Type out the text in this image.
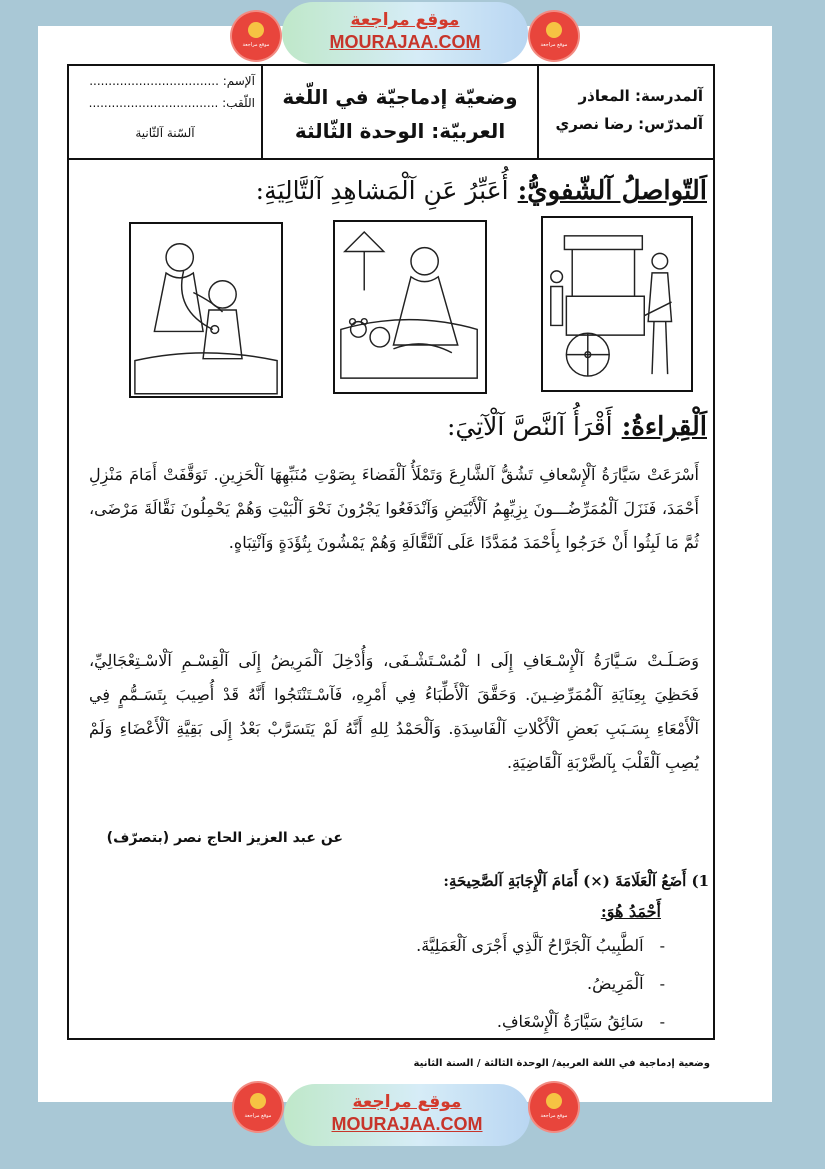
موقع مراجعة
MOURAJAA.COM
موقع مراجعة	موقع مراجعة
آلمدرسة: المعاذر
آلمدرّس: رضا نصري
وضعيّة إدماجيّة في اللّغة
العربيّة: الوحدة الثّالثة
آلإسم: ..................................
اللّقب: ..................................
آلسّنة آلثّانية
اَلتّواصلُ آلشّفويُّ: أُعَبِّرُ عَنِ آلْمَشاهِدِ آلتَّالِيَةِ:
اَلْقِراءةُ: أَقْرَأُ آلنَّصَّ آلْآتِيَ:

أَسْرَعَتْ سَيَّارَةُ آلْإِسْعافِ تَشُقُّ آلشَّارِعَ وَتَمْلَأُ آلْفَضاءَ بِصَوْتِ مُنَبِّهِهَا آلْحَزِينِ. تَوَقَّفَتْ أَمَامَ مَنْزِلِ أَحْمَدَ، فَنَزَلَ آلْمُمَرِّضُـــونَ بِزِيِّهِمُ آلْأَبْيَضِ وَآنْدَفَعُوا يَجْرُونَ نَحْوَ آلْبَيْتِ وَهُمْ يَحْمِلُونَ نَقَّالَةَ مَرْضَى، ثُمَّ مَا لَبِثُوا أَنْ خَرَجُوا بِأَحْمَدَ مُمَدَّدًا عَلَى آلنَّقَّالَةِ وَهُمْ يَمْشُونَ بِتُؤَدَةٍ وَآنْتِبَاهٍ.

وَصَـلَـتْ سَـيَّارَةُ آلْإِسْـعَافِ إِلَى ا لْمُسْـتَشْـفَى، وَأُدْخِلَ آلْمَرِيضُ إِلَى آلْقِسْـمِ آلْاسْـتِعْجَالِيِّ، فَحَظِيَ بِعِنَايَةِ آلْمُمَرِّضِـينَ. وَحَقَّقَ آلْأَطِّبَاءُ فِي أَمْرِهِ، فَآسْـتَنْتَجُوا أَنَّهُ قَدْ أُصِيبَ بِتَسَـمُّمٍ فِي آلْأَمْعَاءِ بِسَـبَبِ بَعضِ آلْأَكْلاتِ آلْفَاسِدَةِ. وَآلْحَمْدُ لِلهِ أَنَّهُ لَمْ يَتَسَرَّبْ بَعْدُ إِلَى بَقِيَّةِ آلْأَعْضَاءِ وَلَمْ يُصِبِ آلْقَلْبَ بِآلضَّرْبَةِ آلْقَاضِيَةِ.

عن عبد العزيز الحاج نصر (بتصرّف)
1) أَضَعُ آلْعَلَامَةَ (×) أَمَامَ آلْإِجَابَةِ آلصَّحِيحَةِ:
أَحْمَدُ هُوَ:
- اَلطَّبِيبُ آلْجَرَّاحُ آلَّذِي أَجْرَى آلْعَمَلِيَّةَ.
- آلْمَرِيضُ.
- سَائِقُ سَيَّارَةُ آلْإِسْعَافِ.
وضعية إدماجية في اللغة العربية/ الوحدة الثالثة / السنة الثانية
موقع مراجعة
MOURAJAA.COM
موقع مراجعة	موقع مراجعة
